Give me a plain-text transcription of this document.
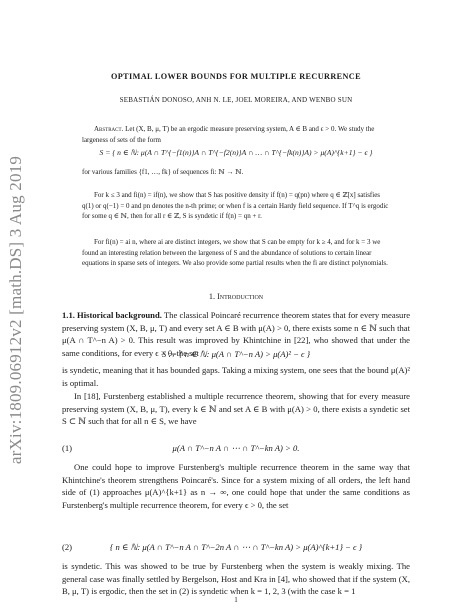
arXiv:1809.06912v2 [math.DS] 3 Aug 2019
OPTIMAL LOWER BOUNDS FOR MULTIPLE RECURRENCE
SEBASTIÁN DONOSO, ANH N. LE, JOEL MOREIRA, AND WENBO SUN
Abstract. Let (X, B, μ, T) be an ergodic measure preserving system, A ∈ B and ϵ > 0. We study the largeness of sets of the form
S = { n ∈ ℕ: μ(A ∩ T^{−f1(n)}A ∩ T^{−f2(n)}A ∩ … ∩ T^{−fk(n)}A) > μ(A)^{k+1} − ϵ }
for various families {f1, …, fk} of sequences fi: ℕ → ℕ.
For k ≤ 3 and fi(n) = if(n), we show that S has positive density if f(n) = q(pn) where q ∈ ℤ[x] satisfies q(1) or q(−1) = 0 and pn denotes the n-th prime; or when f is a certain Hardy field sequence. If T^q is ergodic for some q ∈ ℕ, then for all r ∈ ℤ, S is syndetic if f(n) = qn + r.
For fi(n) = ai n, where ai are distinct integers, we show that S can be empty for k ≥ 4, and for k = 3 we found an interesting relation between the largeness of S and the abundance of solutions to certain linear equations in sparse sets of integers. We also provide some partial results when the fi are distinct polynomials.
1. Introduction
1.1. Historical background. The classical Poincaré recurrence theorem states that for every measure preserving system (X, B, μ, T) and every set A ∈ B with μ(A) > 0, there exists some n ∈ ℕ such that μ(A ∩ T^−n A) > 0. This result was improved by Khintchine in [22], who showed that under the same conditions, for every ϵ > 0, the set
S := { n ∈ ℕ: μ(A ∩ T^−n A) > μ(A)² − ϵ }
is syndetic, meaning that it has bounded gaps. Taking a mixing system, one sees that the bound μ(A)² is optimal.
In [18], Furstenberg established a multiple recurrence theorem, showing that for every measure preserving system (X, B, μ, T), every k ∈ ℕ and set A ∈ B with μ(A) > 0, there exists a syndetic set S ⊂ ℕ such that for all n ∈ S, we have
(1)	μ(A ∩ T^−n A ∩ ⋯ ∩ T^−kn A) > 0.
One could hope to improve Furstenberg's multiple recurrence theorem in the same way that Khintchine's theorem strengthens Poincaré's. Since for a system mixing of all orders, the left hand side of (1) approaches μ(A)^{k+1} as n → ∞, one could hope that under the same conditions as Furstenberg's multiple recurrence theorem, for every ϵ > 0, the set
(2)	{ n ∈ ℕ: μ(A ∩ T^−n A ∩ T^−2n A ∩ ⋯ ∩ T^−kn A) > μ(A)^{k+1} − ϵ }
is syndetic. This was showed to be true by Furstenberg when the system is weakly mixing. The general case was finally settled by Bergelson, Host and Kra in [4], who showed that if the system (X, B, μ, T) is ergodic, then the set in (2) is syndetic when k = 1, 2, 3 (with the case k = 1
1
